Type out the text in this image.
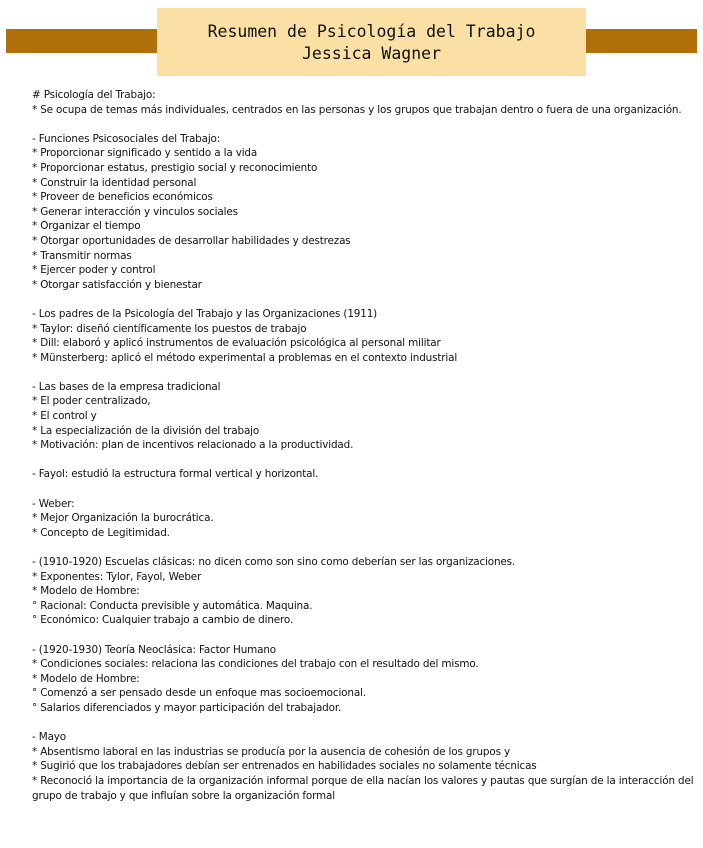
Resumen de Psicología del Trabajo
Jessica Wagner
# Psicología del Trabajo:
* Se ocupa de temas más individuales, centrados en las personas y los grupos que trabajan dentro o fuera de una organización.
- Funciones Psicosociales del Trabajo:
* Proporcionar significado y sentido a la vida
* Proporcionar estatus, prestigio social y reconocimiento
* Construir la identidad personal
* Proveer de beneficios económicos
* Generar interacción y vinculos sociales
* Organizar el tiempo
* Otorgar oportunidades de desarrollar habilidades y destrezas
* Transmitir normas
* Ejercer poder y control
* Otorgar satisfacción y bienestar
- Los padres de la Psicología del Trabajo y las Organizaciones (1911)
* Taylor: diseñó científicamente los puestos de trabajo
* Dill: elaboró y aplicó instrumentos de evaluación psicológica al personal militar
* Münsterberg: aplicó el método experimental a problemas en el contexto industrial
- Las bases de la empresa tradicional
* El poder centralizado,
* El control y
* La especialización de la división del trabajo
* Motivación: plan de incentivos relacionado a la productividad.
- Fayol: estudió la estructura formal vertical y horizontal.
- Weber:
* Mejor Organización la burocrática.
* Concepto de Legitimidad.
- (1910-1920) Escuelas clásicas: no dicen como son sino como deberían ser las organizaciones.
* Exponentes: Tylor, Fayol, Weber
* Modelo de Hombre:
° Racional: Conducta previsible y automática. Maquina.
° Económico: Cualquier trabajo a cambio de dinero.
- (1920-1930) Teoría Neoclásica: Factor Humano
* Condiciones sociales: relaciona las condiciones del trabajo con el resultado del mismo.
* Modelo de Hombre:
° Comenzó a ser pensado desde un enfoque mas socioemocional.
° Salarios diferenciados y mayor participación del trabajador.
- Mayo
* Absentismo laboral en las industrias se producía por la ausencia de cohesión de los grupos y
* Sugirió que los trabajadores debían ser entrenados en habilidades sociales no solamente técnicas
* Reconoció la importancia de la organización informal porque de ella nacían los valores y pautas que surgían de la interacción del grupo de trabajo y que influían sobre la organización formal
